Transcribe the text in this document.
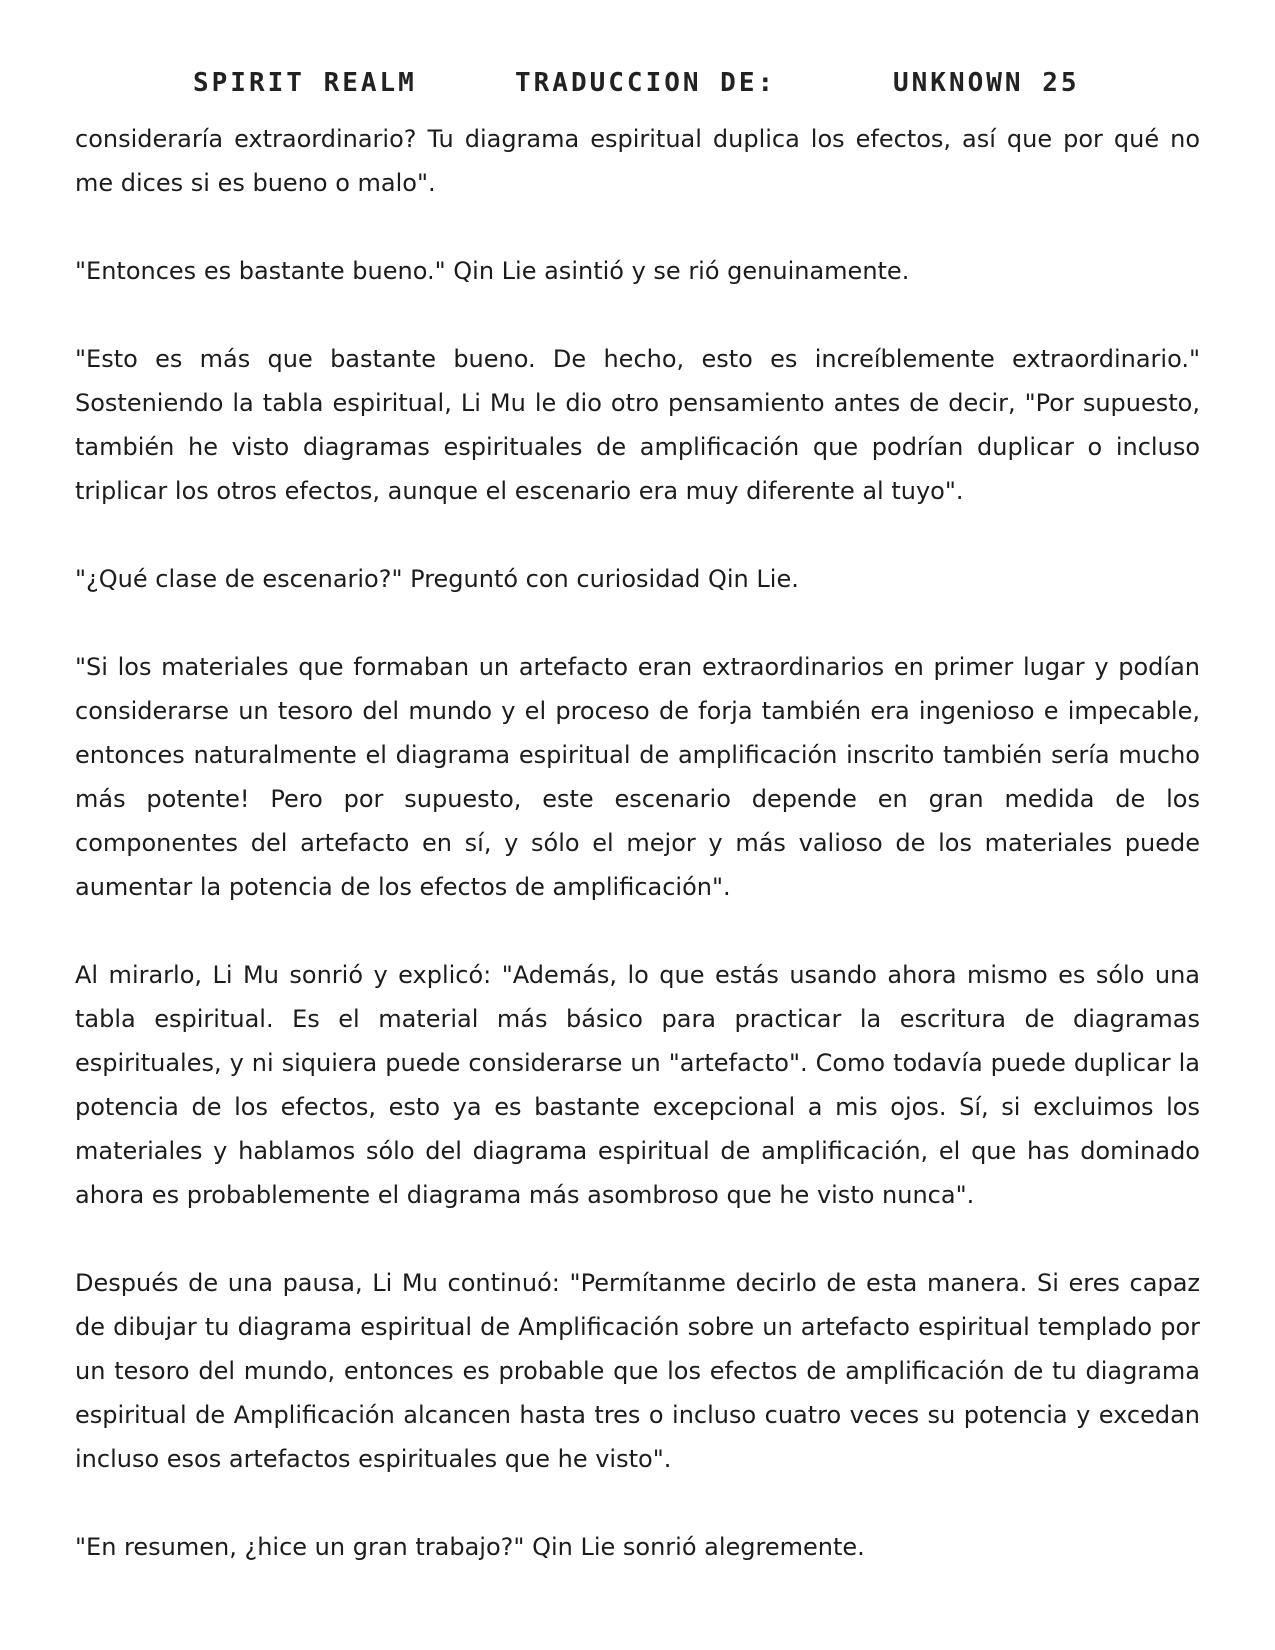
SPIRIT REALM	TRADUCCION DE:	UNKNOWN 25

consideraría extraordinario? Tu diagrama espiritual duplica los efectos, así que por qué no me dices si es bueno o malo".

"Entonces es bastante bueno." Qin Lie asintió y se rió genuinamente.

"Esto es más que bastante bueno. De hecho, esto es increíblemente extraordinario." Sosteniendo la tabla espiritual, Li Mu le dio otro pensamiento antes de decir, "Por supuesto, también he visto diagramas espirituales de amplificación que podrían duplicar o incluso triplicar los otros efectos, aunque el escenario era muy diferente al tuyo".

"¿Qué clase de escenario?" Preguntó con curiosidad Qin Lie.

"Si los materiales que formaban un artefacto eran extraordinarios en primer lugar y podían considerarse un tesoro del mundo y el proceso de forja también era ingenioso e impecable, entonces naturalmente el diagrama espiritual de amplificación inscrito también sería mucho más potente! Pero por supuesto, este escenario depende en gran medida de los componentes del artefacto en sí, y sólo el mejor y más valioso de los materiales puede aumentar la potencia de los efectos de amplificación".

Al mirarlo, Li Mu sonrió y explicó: "Además, lo que estás usando ahora mismo es sólo una tabla espiritual. Es el material más básico para practicar la escritura de diagramas espirituales, y ni siquiera puede considerarse un "artefacto". Como todavía puede duplicar la potencia de los efectos, esto ya es bastante excepcional a mis ojos. Sí, si excluimos los materiales y hablamos sólo del diagrama espiritual de amplificación, el que has dominado ahora es probablemente el diagrama más asombroso que he visto nunca".

Después de una pausa, Li Mu continuó: "Permítanme decirlo de esta manera. Si eres capaz de dibujar tu diagrama espiritual de Amplificación sobre un artefacto espiritual templado por un tesoro del mundo, entonces es probable que los efectos de amplificación de tu diagrama espiritual de Amplificación alcancen hasta tres o incluso cuatro veces su potencia y excedan incluso esos artefactos espirituales que he visto".

"En resumen, ¿hice un gran trabajo?" Qin Lie sonrió alegremente.
